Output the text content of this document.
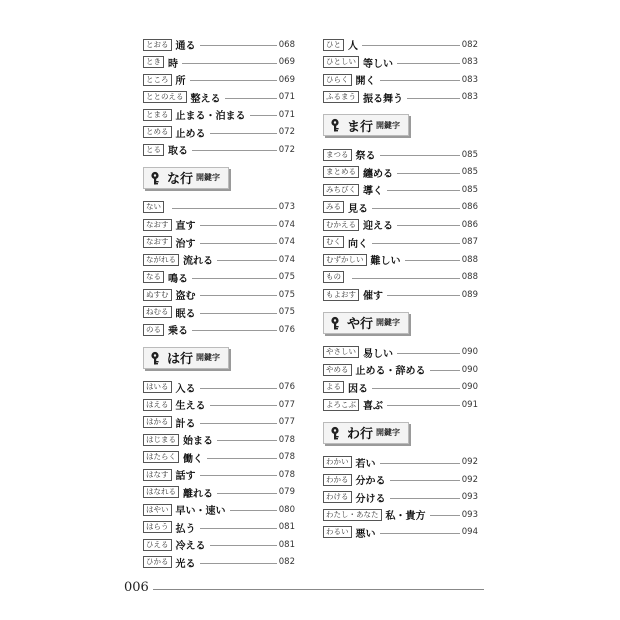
とおる 通る	068
とき 時	069
ところ 所	069
ととのえる 整える	071
とまる 止まる・泊まる	071
とめる 止める	072
とる 取る	072
な行 開鍵字
ない	073
なおす 直す	074
なおす 治す	074
ながれる 流れる	074
なる 鳴る	075
ぬすむ 盗む	075
ねむる 眠る	075
のる 乗る	076
は行 開鍵字
はいる 入る	076
はえる 生える	077
はかる 計る	077
はじまる 始まる	078
はたらく 働く	078
はなす 話す	078
はなれる 離れる	079
はやい 早い・速い	080
はらう 払う	081
ひえる 冷える	081
ひかる 光る	082
ひと 人	082
ひとしい 等しい	083
ひらく 開く	083
ふるまう 振る舞う	083
ま行 開鍵字
まつる 祭る	085
まとめる 纏める	085
みちびく 導く	085
みる 見る	086
むかえる 迎える	086
むく 向く	087
むずかしい 難しい	088
もの	088
もよおす 催す	089
や行 開鍵字
やさしい 易しい	090
やめる 止める・辞める	090
よる 因る	090
よろこぶ 喜ぶ	091
わ行 開鍵字
わかい 若い	092
わかる 分かる	092
わける 分ける	093
わたし・あなた 私・貴方	093
わるい 悪い	094
006
